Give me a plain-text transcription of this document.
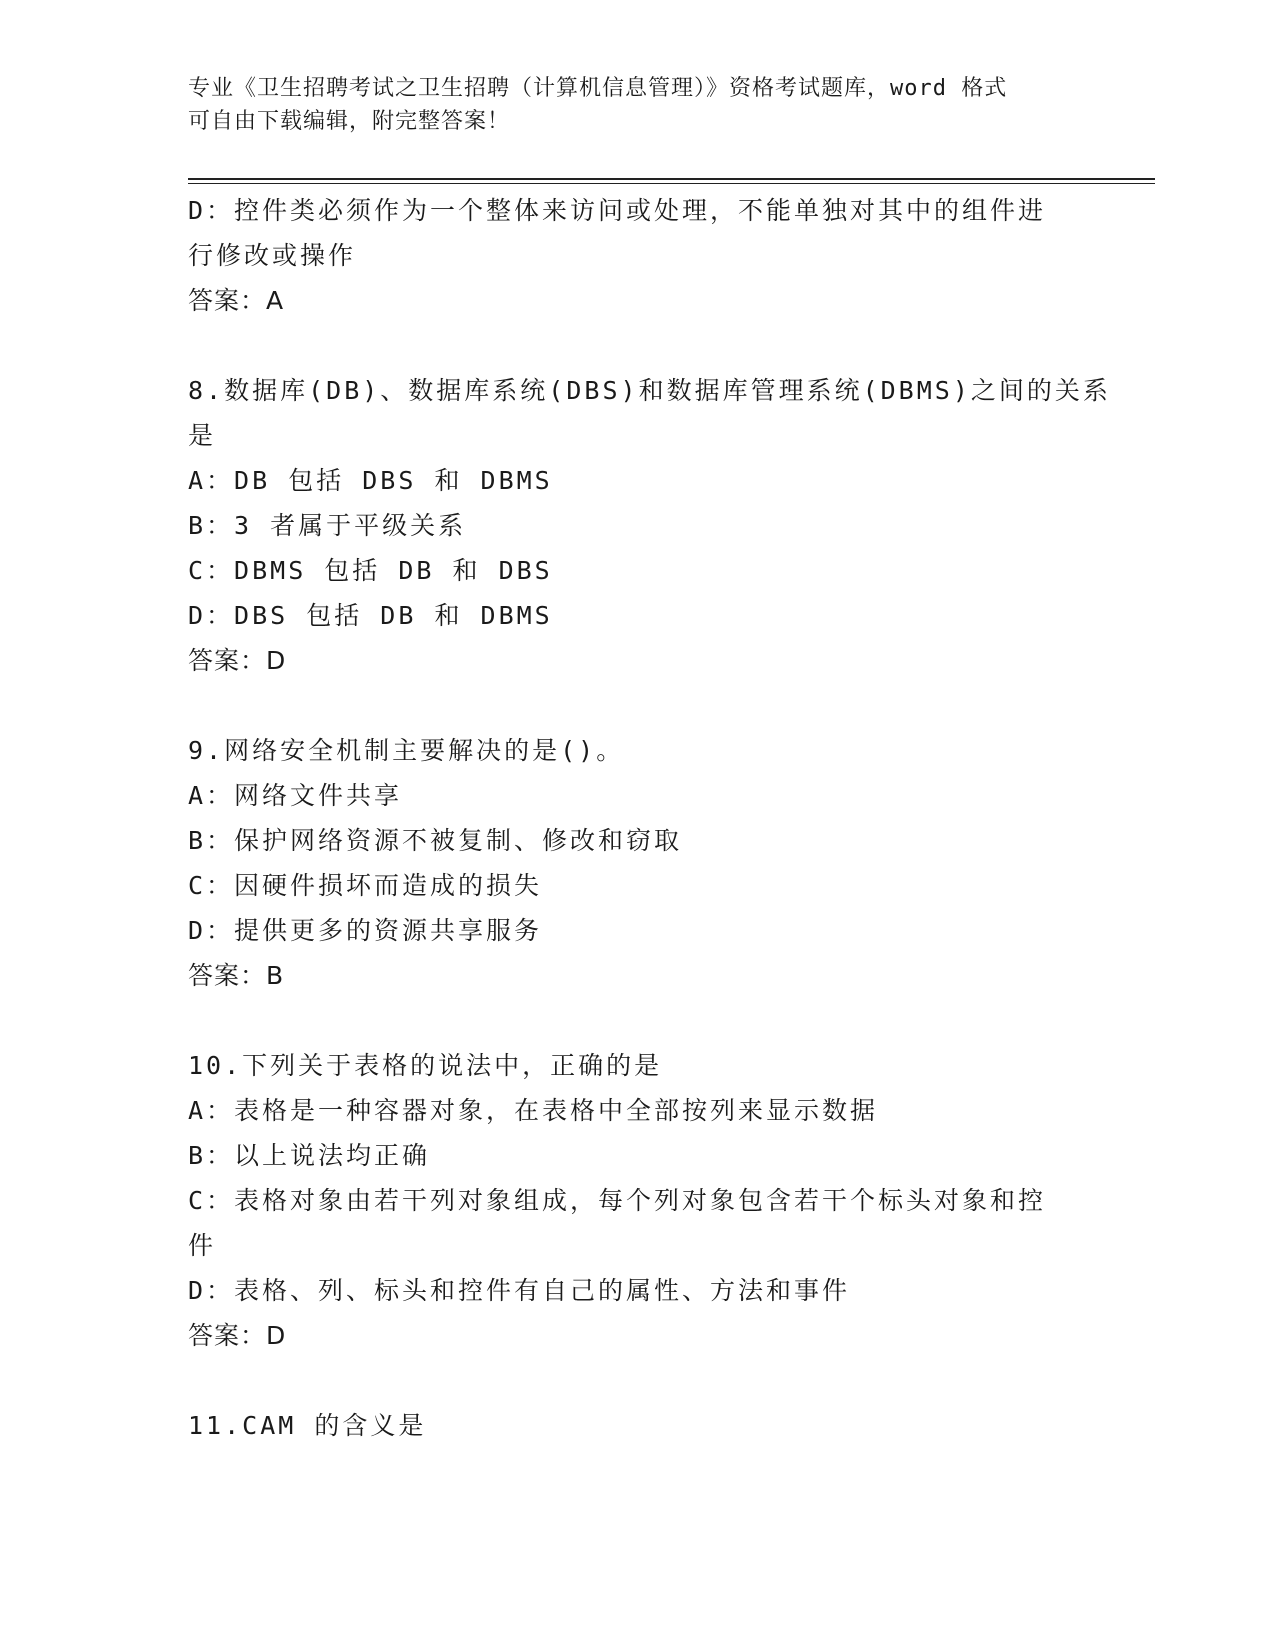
专业《卫生招聘考试之卫生招聘（计算机信息管理）》资格考试题库，word 格式
可自由下载编辑，附完整答案！
D：控件类必须作为一个整体来访问或处理，不能单独对其中的组件进
行修改或操作
答案：A
8.数据库(DB)、数据库系统(DBS)和数据库管理系统(DBMS)之间的关系
是
A：DB 包括 DBS 和 DBMS
B：3 者属于平级关系
C：DBMS 包括 DB 和 DBS
D：DBS 包括 DB 和 DBMS
答案：D
9.网络安全机制主要解决的是()。
A：网络文件共享
B：保护网络资源不被复制、修改和窃取
C：因硬件损坏而造成的损失
D：提供更多的资源共享服务
答案：B
10.下列关于表格的说法中，正确的是
A：表格是一种容器对象，在表格中全部按列来显示数据
B：以上说法均正确
C：表格对象由若干列对象组成，每个列对象包含若干个标头对象和控
件
D：表格、列、标头和控件有自己的属性、方法和事件
答案：D
11.CAM 的含义是
